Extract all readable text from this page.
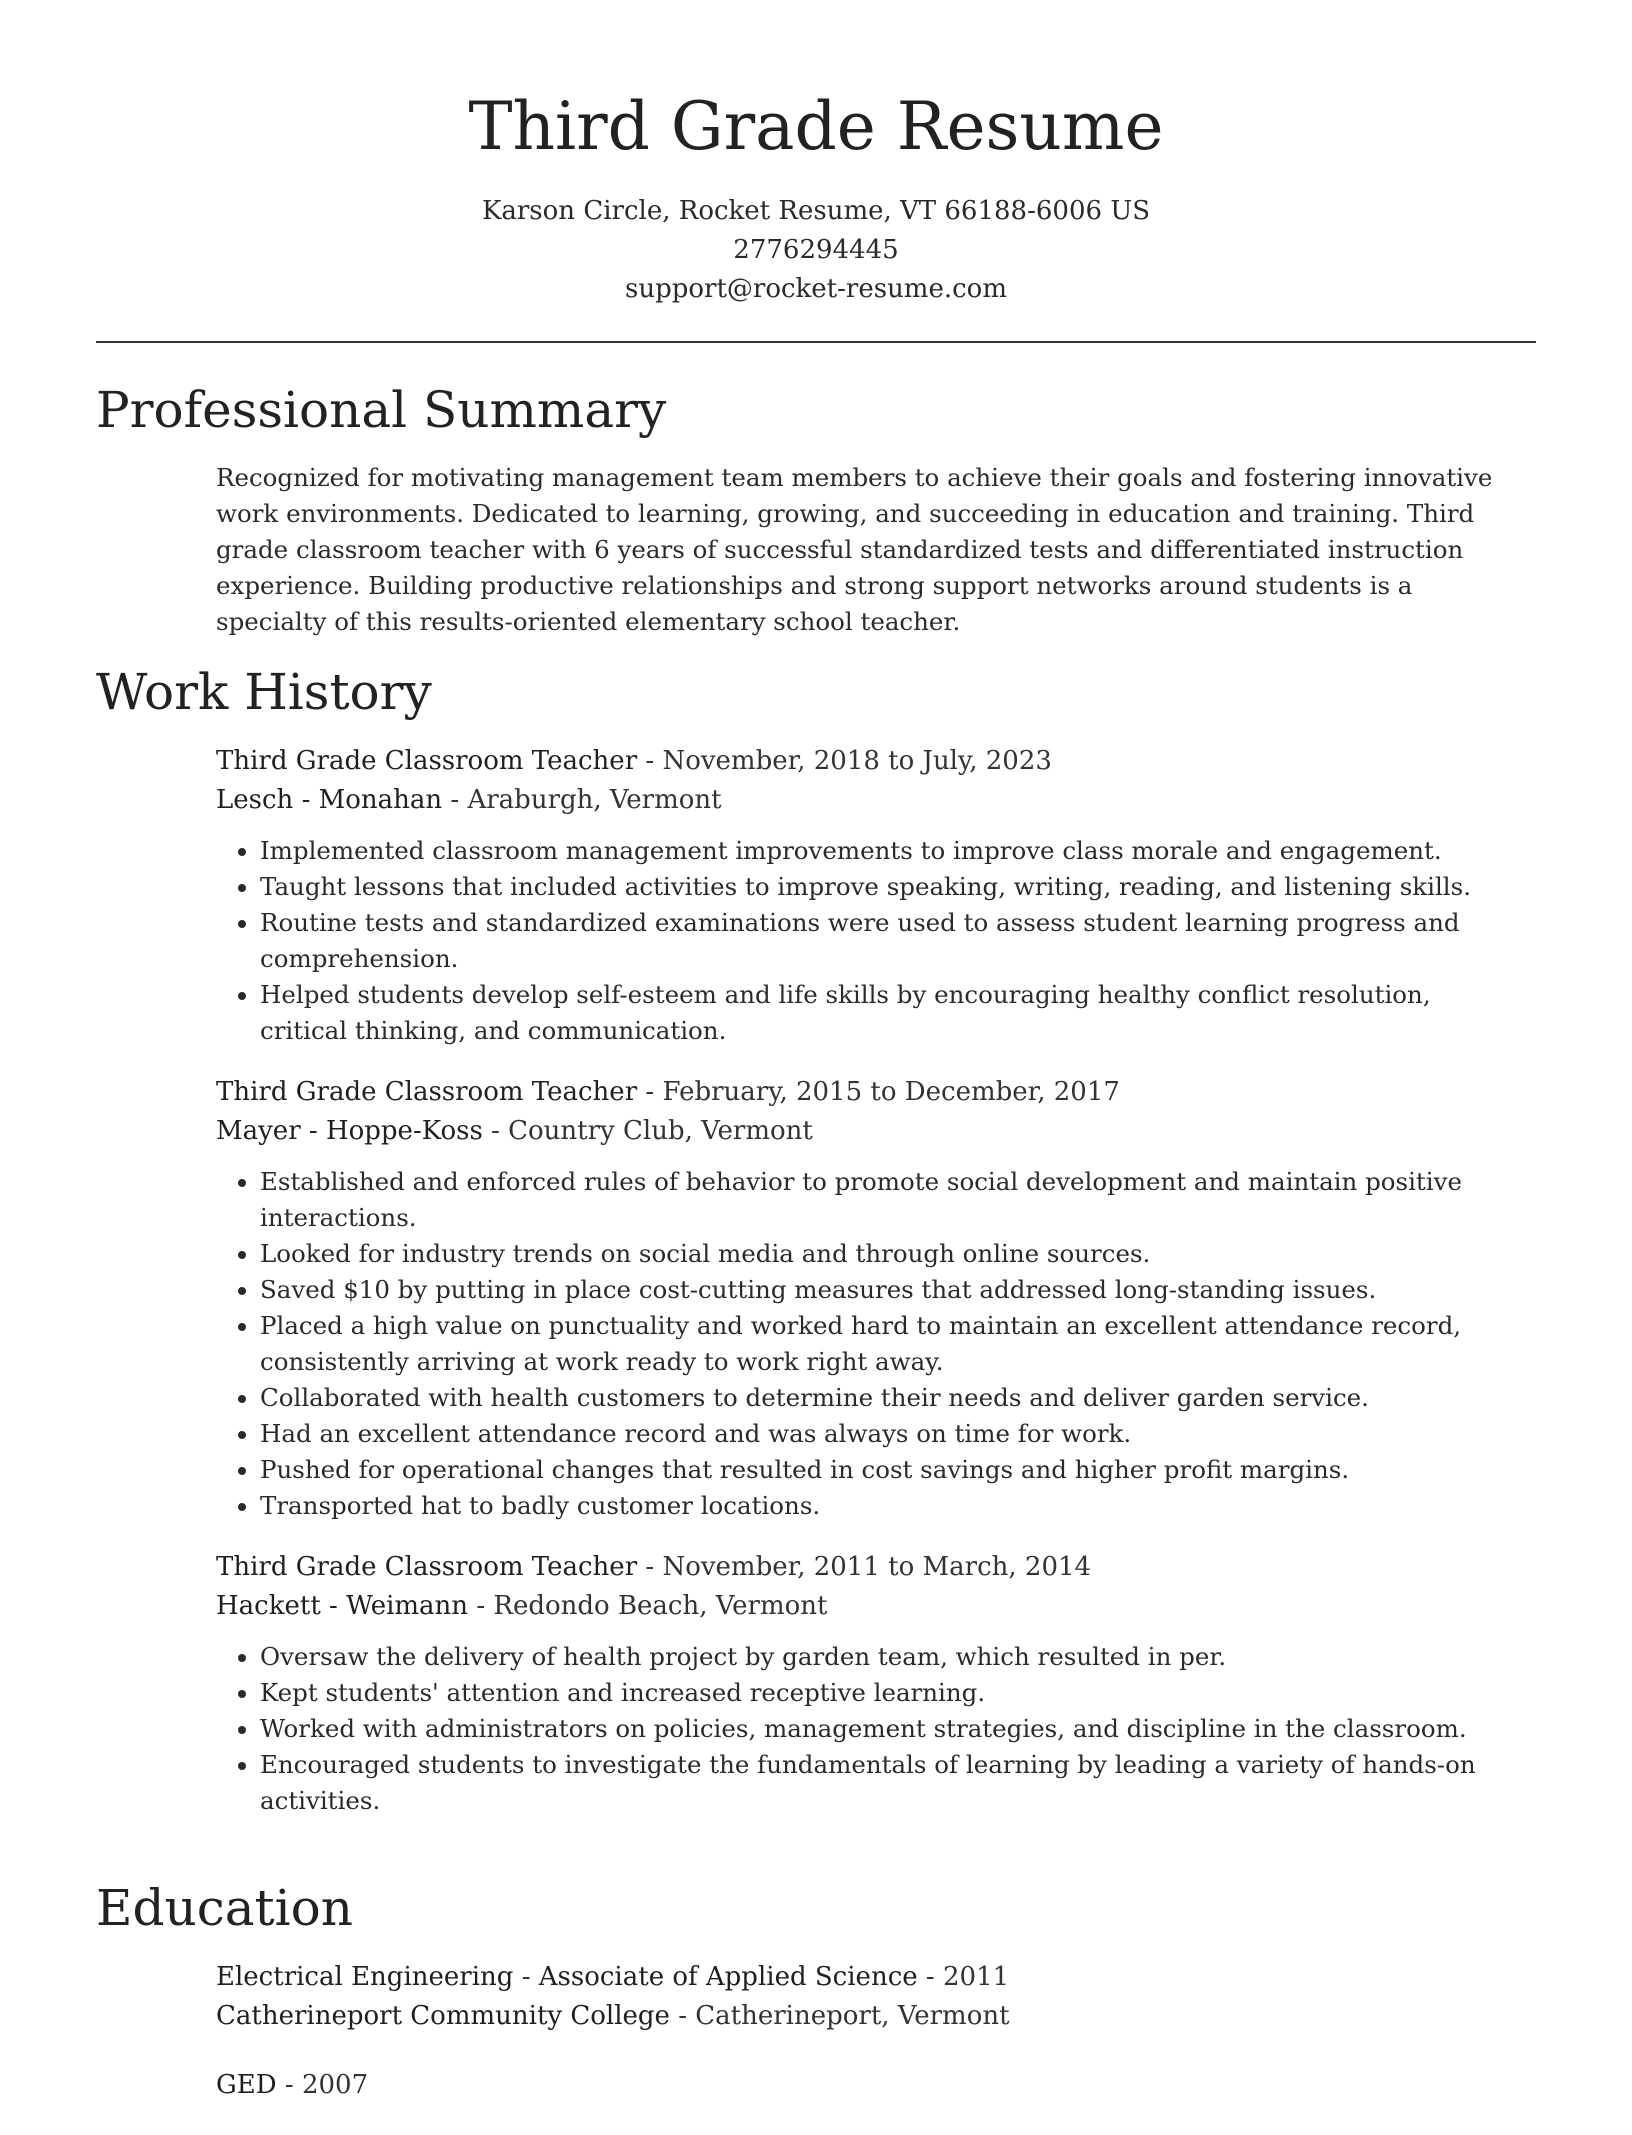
Third Grade Resume
Karson Circle, Rocket Resume, VT 66188-6006 US
2776294445
support@rocket-resume.com
Professional Summary

Recognized for motivating management team members to achieve their goals and fostering innovative work environments. Dedicated to learning, growing, and succeeding in education and training. Third grade classroom teacher with 6 years of successful standardized tests and differentiated instruction experience. Building productive relationships and strong support networks around students is a specialty of this results-oriented elementary school teacher.

Work History
Third Grade Classroom Teacher - November, 2018 to July, 2023
Lesch - Monahan - Araburgh, Vermont
• Implemented classroom management improvements to improve class morale and engagement.
• Taught lessons that included activities to improve speaking, writing, reading, and listening skills.
• Routine tests and standardized examinations were used to assess student learning progress and comprehension.
• Helped students develop self-esteem and life skills by encouraging healthy conflict resolution, critical thinking, and communication.
Third Grade Classroom Teacher - February, 2015 to December, 2017
Mayer - Hoppe-Koss - Country Club, Vermont
• Established and enforced rules of behavior to promote social development and maintain positive interactions.
• Looked for industry trends on social media and through online sources.
• Saved $10 by putting in place cost-cutting measures that addressed long-standing issues.
• Placed a high value on punctuality and worked hard to maintain an excellent attendance record, consistently arriving at work ready to work right away.
• Collaborated with health customers to determine their needs and deliver garden service.
• Had an excellent attendance record and was always on time for work.
• Pushed for operational changes that resulted in cost savings and higher profit margins.
• Transported hat to badly customer locations.
Third Grade Classroom Teacher - November, 2011 to March, 2014
Hackett - Weimann - Redondo Beach, Vermont
• Oversaw the delivery of health project by garden team, which resulted in per.
• Kept students' attention and increased receptive learning.
• Worked with administrators on policies, management strategies, and discipline in the classroom.
• Encouraged students to investigate the fundamentals of learning by leading a variety of hands-on activities.
Education
Electrical Engineering - Associate of Applied Science - 2011
Catherineport Community College - Catherineport, Vermont
GED - 2007
